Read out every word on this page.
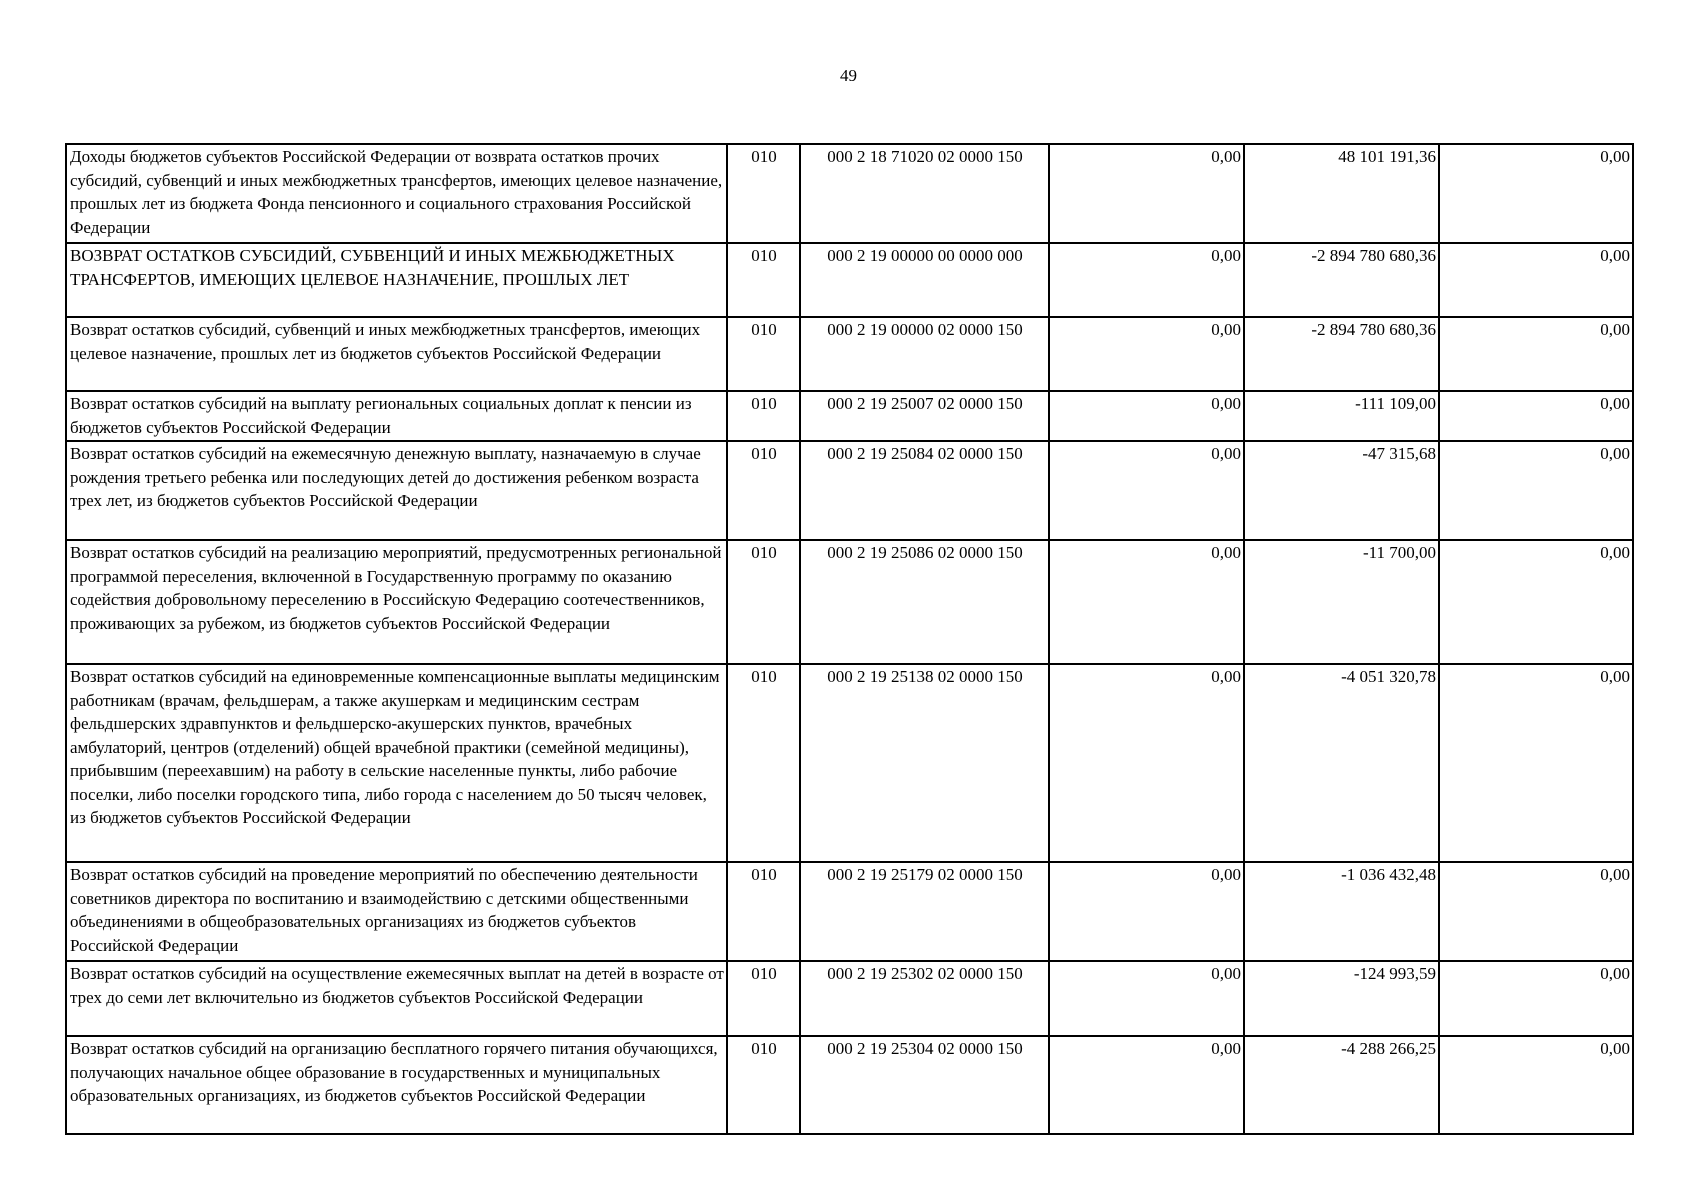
49
Доходы бюджетов субъектов Российской Федерации от возврата остатков прочих субсидий, субвенций и иных межбюджетных трансфертов, имеющих целевое назначение, прошлых лет из бюджета Фонда пенсионного и социального страхования Российской Федерации	010	000 2 18 71020 02 0000 150	0,00	48 101 191,36	0,00
ВОЗВРАТ ОСТАТКОВ СУБСИДИЙ, СУБВЕНЦИЙ И ИНЫХ МЕЖБЮДЖЕТНЫХ ТРАНСФЕРТОВ, ИМЕЮЩИХ ЦЕЛЕВОЕ НАЗНАЧЕНИЕ, ПРОШЛЫХ ЛЕТ	010	000 2 19 00000 00 0000 000	0,00	-2 894 780 680,36	0,00
Возврат остатков субсидий, субвенций и иных межбюджетных трансфертов, имеющих целевое назначение, прошлых лет из бюджетов субъектов Российской Федерации	010	000 2 19 00000 02 0000 150	0,00	-2 894 780 680,36	0,00
Возврат остатков субсидий на выплату региональных социальных доплат к пенсии из бюджетов субъектов Российской Федерации	010	000 2 19 25007 02 0000 150	0,00	-111 109,00	0,00
Возврат остатков субсидий на ежемесячную денежную выплату, назначаемую в случае рождения третьего ребенка или последующих детей до достижения ребенком возраста трех лет, из бюджетов субъектов Российской Федерации	010	000 2 19 25084 02 0000 150	0,00	-47 315,68	0,00
Возврат остатков субсидий на реализацию мероприятий, предусмотренных региональной программой переселения, включенной в Государственную программу по оказанию содействия добровольному переселению в Российскую Федерацию соотечественников, проживающих за рубежом, из бюджетов субъектов Российской Федерации	010	000 2 19 25086 02 0000 150	0,00	-11 700,00	0,00
Возврат остатков субсидий на единовременные компенсационные выплаты медицинским работникам (врачам, фельдшерам, а также акушеркам и медицинским сестрам фельдшерских здравпунктов и фельдшерско-акушерских пунктов, врачебных амбулаторий, центров (отделений) общей врачебной практики (семейной медицины), прибывшим (переехавшим) на работу в сельские населенные пункты, либо рабочие поселки, либо поселки городского типа, либо города с населением до 50 тысяч человек, из бюджетов субъектов Российской Федерации	010	000 2 19 25138 02 0000 150	0,00	-4 051 320,78	0,00
Возврат остатков субсидий на проведение мероприятий по обеспечению деятельности советников директора по воспитанию и взаимодействию с детскими общественными объединениями в общеобразовательных организациях из бюджетов субъектов Российской Федерации	010	000 2 19 25179 02 0000 150	0,00	-1 036 432,48	0,00
Возврат остатков субсидий на осуществление ежемесячных выплат на детей в возрасте от трех до семи лет включительно из бюджетов субъектов Российской Федерации	010	000 2 19 25302 02 0000 150	0,00	-124 993,59	0,00
Возврат остатков субсидий на организацию бесплатного горячего питания обучающихся, получающих начальное общее образование в государственных и муниципальных образовательных организациях, из бюджетов субъектов Российской Федерации	010	000 2 19 25304 02 0000 150	0,00	-4 288 266,25	0,00
